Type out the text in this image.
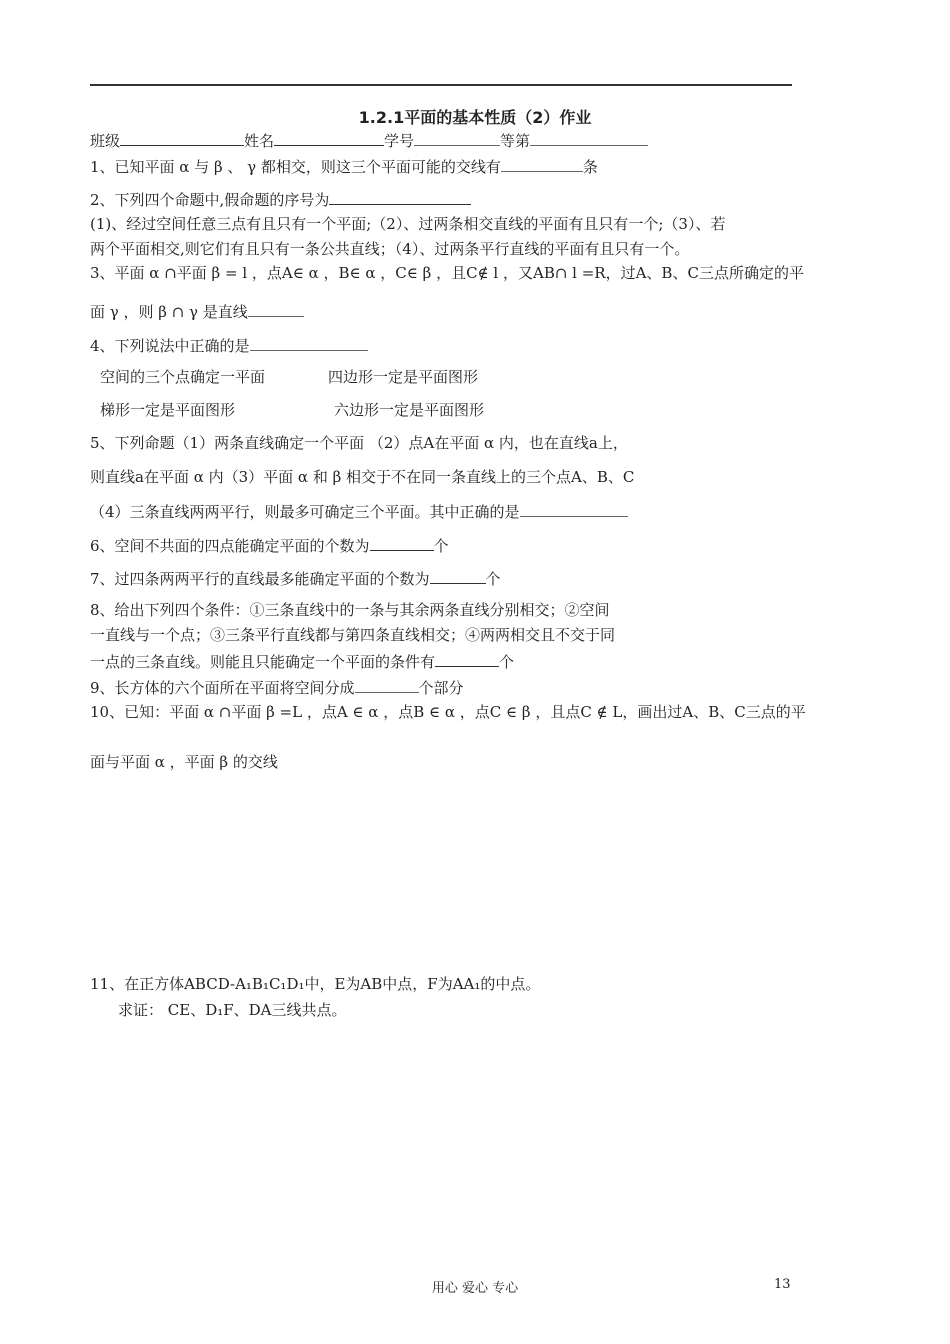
1.2.1平面的基本性质（2）作业
班级	姓名	学号	等第
1、已知平面 α 与 β 、 γ 都相交，则这三个平面可能的交线有	条
2、下列四个命题中,假命题的序号为
(1)、经过空间任意三点有且只有一个平面;（2）、过两条相交直线的平面有且只有一个;（3）、若
两个平面相交,则它们有且只有一条公共直线；（4）、过两条平行直线的平面有且只有一个。
3、平面 α ∩平面 β = l ，点A∈ α ，B∈ α ，C∈ β ，且C∉ l ，又AB∩ l =R，过A、B、C三点所确定的平
面 γ ，则 β ∩ γ 是直线
4、下列说法中正确的是
空间的三个点确定一平面	四边形一定是平面图形
梯形一定是平面图形	六边形一定是平面图形
5、下列命题（1）两条直线确定一个平面 （2）点A在平面 α 内，也在直线a上，
则直线a在平面 α 内（3）平面 α 和 β 相交于不在同一条直线上的三个点A、B、C
（4）三条直线两两平行，则最多可确定三个平面。其中正确的是
6、空间不共面的四点能确定平面的个数为	个
7、过四条两两平行的直线最多能确定平面的个数为	个
8、给出下列四个条件：①三条直线中的一条与其余两条直线分别相交；②空间
一直线与一个点；③三条平行直线都与第四条直线相交；④两两相交且不交于同
一点的三条直线。则能且只能确定一个平面的条件有	个
9、长方体的六个面所在平面将空间分成	个部分
10、已知：平面 α ∩平面 β =L ，点A ∈ α ，点B ∈ α ，点C ∈ β ，且点C ∉ L，画出过A、B、C三点的平
面与平面 α ，平面 β 的交线
11、在正方体ABCD-A₁B₁C₁D₁中，E为AB中点，F为AA₁的中点。
求证： CE、D₁F、DA三线共点。
用心 爱心 专心	13
